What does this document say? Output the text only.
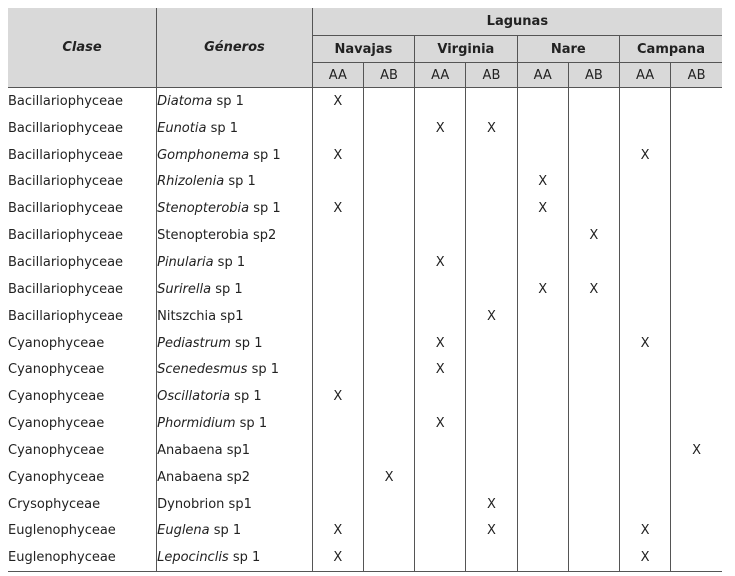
Clase	Géneros	Lagunas							
		Navajas		Virginia		Nare		Campana	
		AA	AB	AA	AB	AA	AB	AA	AB
Bacillariophyceae	Diatoma sp 1	X							
Bacillariophyceae	Eunotia sp 1			X	X				
Bacillariophyceae	Gomphonema sp 1	X						X	
Bacillariophyceae	Rhizolenia sp 1					X			
Bacillariophyceae	Stenopterobia sp 1	X				X			
Bacillariophyceae	Stenopterobia sp2						X		
Bacillariophyceae	Pinularia sp 1			X					
Bacillariophyceae	Surirella sp 1					X	X		
Bacillariophyceae	Nitszchia sp1				X				
Cyanophyceae	Pediastrum sp 1			X				X	
Cyanophyceae	Scenedesmus sp 1			X					
Cyanophyceae	Oscillatoria sp 1	X							
Cyanophyceae	Phormidium sp 1			X					
Cyanophyceae	Anabaena sp1								X
Cyanophyceae	Anabaena sp2		X						
Crysophyceae	Dynobrion sp1				X				
Euglenophyceae	Euglena sp 1	X			X			X	
Euglenophyceae	Lepocinclis sp 1	X						X	
